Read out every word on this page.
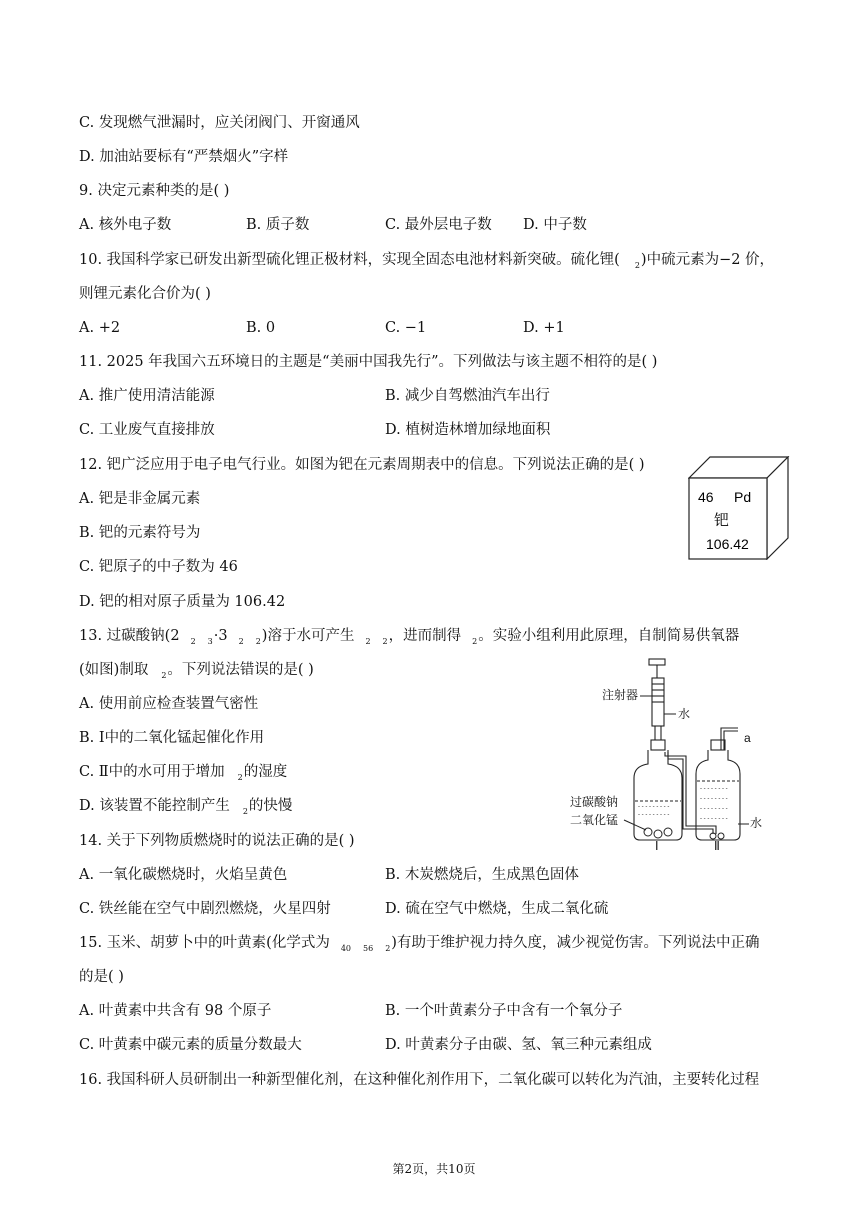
C. 发现燃气泄漏时，应关闭阀门、开窗通风
D. 加油站要标有“严禁烟火”字样
9. 决定元素种类的是( )
A. 核外电子数	B. 质子数	C. 最外层电子数 D. 中子数
10. 我国科学家已研发出新型硫化锂正极材料，实现全固态电池材料新突破。硫化锂( $_2$)中硫元素为−2 价，
则锂元素化合价为( )
A. +2	B. 0	C. −1	D. +1
11. 2025 年我国六五环境日的主题是“美丽中国我先行”。下列做法与该主题不相符的是( )
A. 推广使用清洁能源	B. 减少自驾燃油汽车出行
C. 工业废气直接排放	D. 植树造林增加绿地面积
12. 钯广泛应用于电子电气行业。如图为钯在元素周期表中的信息。下列说法正确的是( )
A. 钯是非金属元素
B. 钯的元素符号为
C. 钯原子的中子数为 46
D. 钯的相对原子质量为 106.42
46 Pd
钯
106.42
13. 过碳酸钠(2 $_2$ $_3$·3 $_2$ $_2$)溶于水可产生 $_2$ $_2$，进而制得 $_2$。实验小组利用此原理，自制简易供氧器
(如图)制取 $_2$。下列说法错误的是( )
A. 使用前应检查装置气密性
B. Ⅰ中的二氧化锰起催化作用
C. Ⅱ中的水可用于增加 $_2$的湿度
D. 该装置不能控制产生 $_2$的快慢	- - - - - - - - -
- - - - - - - - -
- - - - - - - -
- - - - - - - -
- - - - - - - -
- - - - - - - -
注射器
水
a
过碳酸钠
二氧化锰	水
Ⅰ	Ⅱ
14. 关于下列物质燃烧时的说法正确的是( )
A. 一氧化碳燃烧时，火焰呈黄色	B. 木炭燃烧后，生成黑色固体
C. 铁丝能在空气中剧烈燃烧，火星四射	D. 硫在空气中燃烧，生成二氧化硫
15. 玉米、胡萝卜中的叶黄素(化学式为 $_{40}$ $_{56}$ $_2$)有助于维护视力持久度，减少视觉伤害。下列说法中正确
的是( )
A. 叶黄素中共含有 98 个原子	B. 一个叶黄素分子中含有一个氧分子
C. 叶黄素中碳元素的质量分数最大	D. 叶黄素分子由碳、氢、氧三种元素组成
16. 我国科研人员研制出一种新型催化剂，在这种催化剂作用下，二氧化碳可以转化为汽油，主要转化过程
第2页，共10页
